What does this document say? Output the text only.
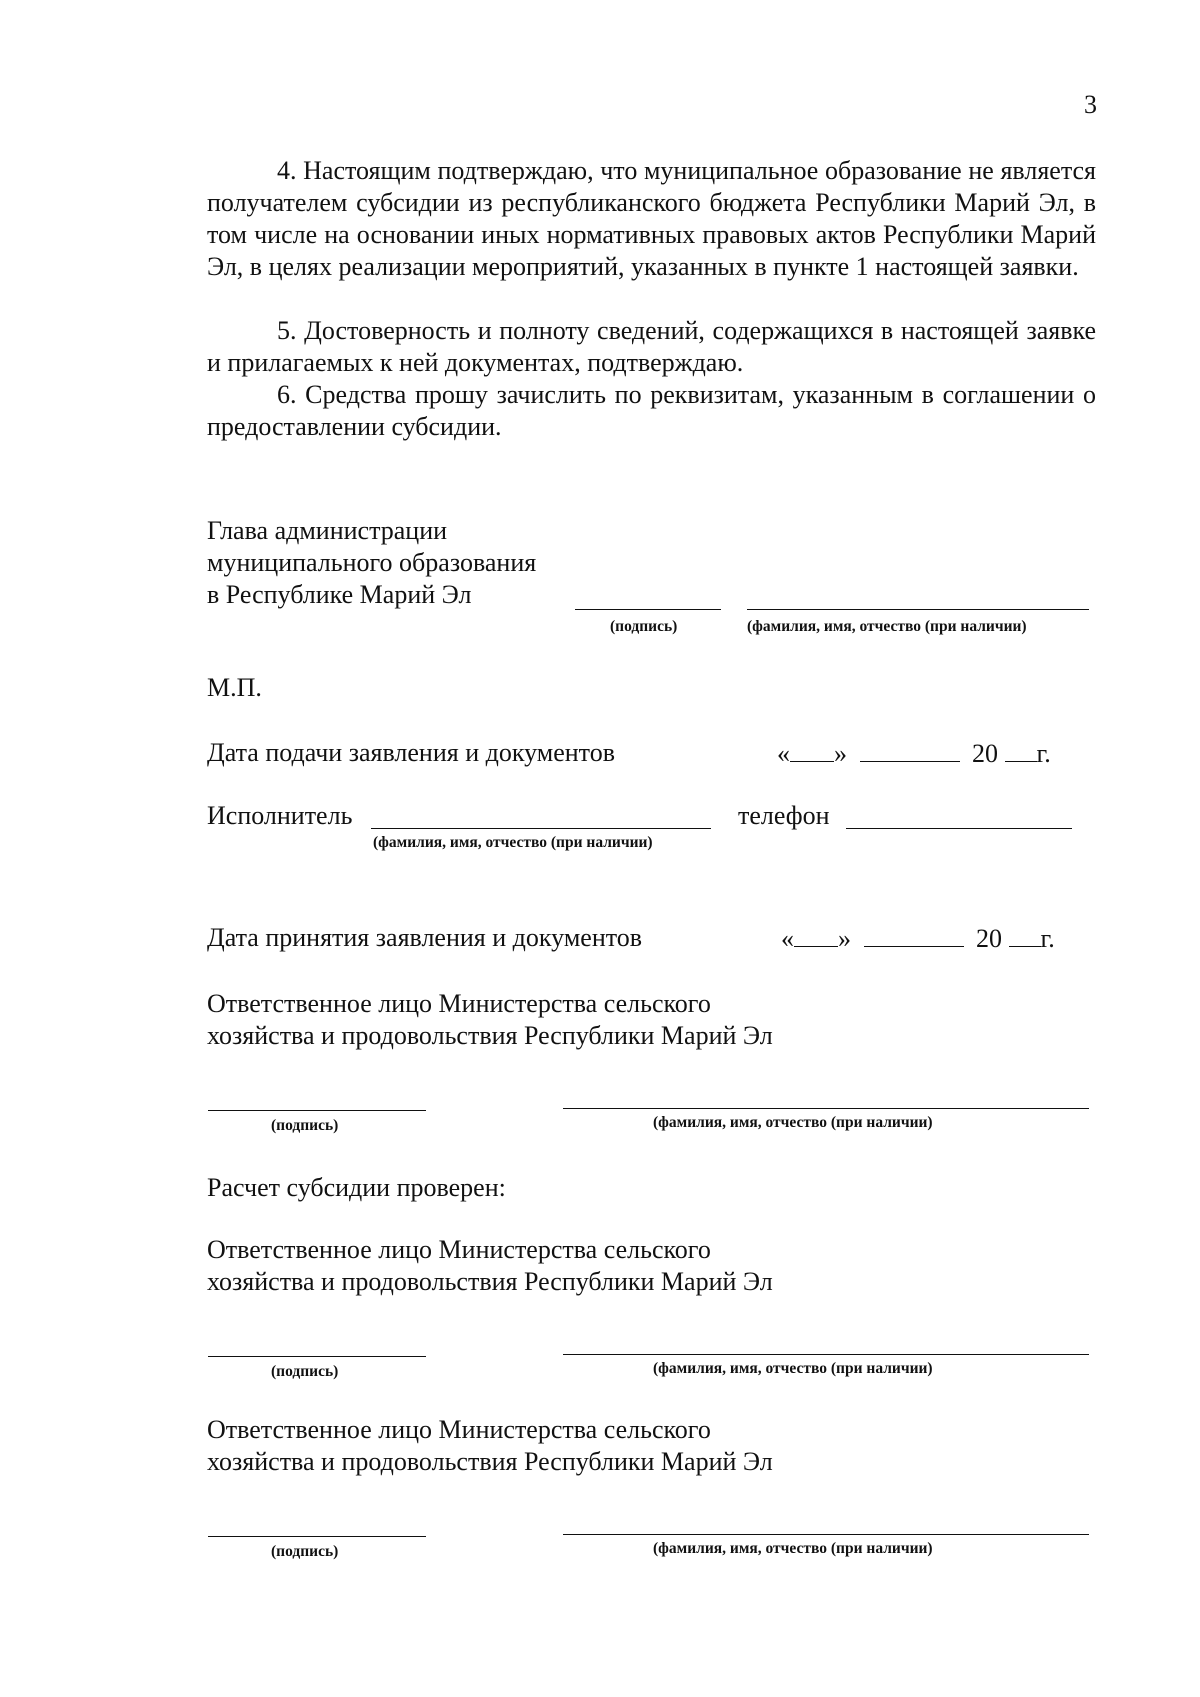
3
4. Настоящим подтверждаю, что муниципальное образование не является получателем субсидии из республиканского бюджета Республики Марий Эл, в том числе на основании иных нормативных правовых актов Республики Марий Эл, в целях реализации мероприятий, указанных в пункте 1 настоящей заявки.
5. Достоверность и полноту сведений, содержащихся в настоящей заявке и прилагаемых к ней документах, подтверждаю.
6. Средства прошу зачислить по реквизитам, указанным в соглашении о предоставлении субсидии.
Глава администрации
муниципального образования
в Республике Марий Эл
(подпись)	(фамилия, имя, отчество (при наличии)
М.П.
Дата подачи заявления и документов	« »	20 г.
Исполнитель
(фамилия, имя, отчество (при наличии)
телефон
Дата принятия заявления и документов	« »	20 г.
Ответственное лицо Министерства сельского
хозяйства и продовольствия Республики Марий Эл
(подпись)	(фамилия, имя, отчество (при наличии)
Расчет субсидии проверен:
Ответственное лицо Министерства сельского
хозяйства и продовольствия Республики Марий Эл
(подпись)	(фамилия, имя, отчество (при наличии)
Ответственное лицо Министерства сельского
хозяйства и продовольствия Республики Марий Эл
(подпись)	(фамилия, имя, отчество (при наличии)
